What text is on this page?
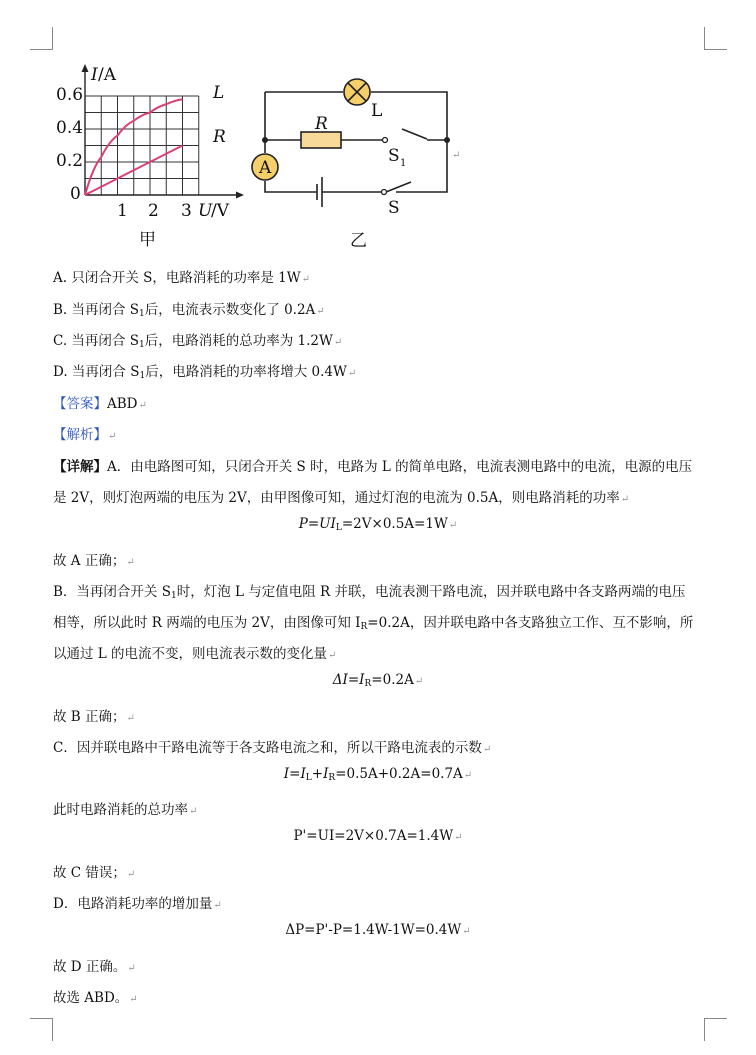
I /A
0.6
0.4
0.2
0
1 2 3 U
/V
L
R
甲
A
L
R
S 1
S
乙
↵
A. 只闭合开关 S，电路消耗的功率是 1W↵
B. 当再闭合 $S_1$后，电流表示数变化了 0.2A↵
C. 当再闭合 $S_1$后，电路消耗的总功率为 1.2W↵
D. 当再闭合 $S_1$后，电路消耗的功率将增大 0.4W↵
【答案】ABD↵
【解析】↵
【详解】A．由电路图可知，只闭合开关 S 时，电路为 L 的简单电路，电流表测电路中的电流，电源的电压
是 2V，则灯泡两端的电压为 2V，由甲图像可知，通过灯泡的电流为 0.5A，则电路消耗的功率↵
$P=UI_L=2V\times 0.5A=1W↵$
故 A 正确；↵
B．当再闭合开关 $S_1$时，灯泡 L 与定值电阻 R 并联，电流表测干路电流，因并联电路中各支路两端的电压
相等，所以此时 R 两端的电压为 2V，由图像可知 $I_R=0.2A$，因并联电路中各支路独立工作、互不影响，所
以通过 L 的电流不变，则电流表示数的变化量↵
$\Delta I=I_R=0.2A↵$
故 B 正确；↵
C．因并联电路中干路电流等于各支路电流之和，所以干路电流表的示数↵
$I=I_L+I_R=0.5A+0.2A=0.7A↵$
此时电路消耗的总功率↵
P'=UI=2V×0.7A=1.4W↵
故 C 错误；↵
D．电路消耗功率的增加量↵
ΔP=P'-P=1.4W-1W=0.4W↵
故 D 正确。↵
故选 ABD。↵
